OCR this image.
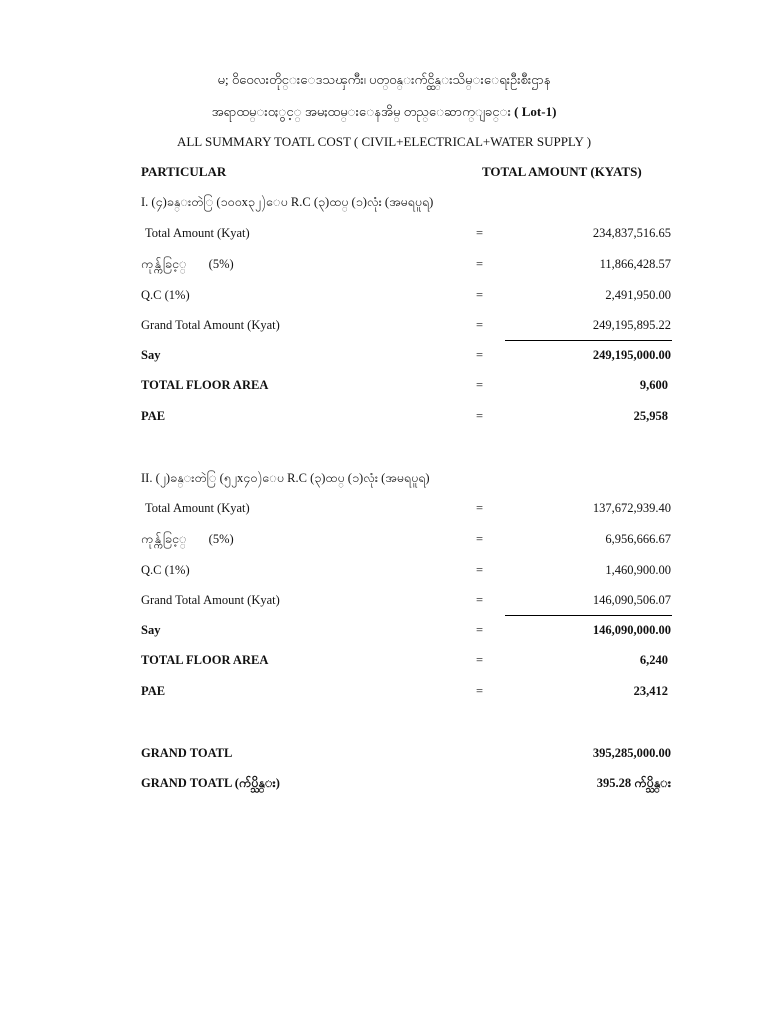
မ; ဝိဝေလးတိုင္းေဒသၾကီး၊ ပတ္ဝန္းက်င္ထိန္းသိမ္းေရးဦးစီးဌာန
အရာထမ္း၀ႏွင့္ အမႈထမ္းေနအိမ္ တည္ေဆာက္ျခင္း ( Lot-1)
ALL SUMMARY TOATL COST ( CIVIL+ELECTRICAL+WATER SUPPLY )
PARTICULAR	TOTAL AMOUNT (KYATS)
I. (၄)ခန္းတဲြ (၁၀၀x၃၂)ေပ R.C (၃)ထပ္ (၁)လုံး (အမရပူရ)
Total Amount (Kyat)	=	234,837,516.65
ကုန္က်ခြင့္ (5%)	=	11,866,428.57
Q.C (1%)	=	2,491,950.00
Grand Total Amount (Kyat)	=	249,195,895.22
Say	=	249,195,000.00
TOTAL FLOOR AREA	=	9,600
PAE	=	25,958
II. (၂)ခန္းတဲြ (၅၂x၄၀)ေပ R.C (၃)ထပ္ (၁)လုံး (အမရပူရ)
Total Amount (Kyat)	=	137,672,939.40
ကုန္က်ခြင့္ (5%)	=	6,956,666.67
Q.C (1%)	=	1,460,900.00
Grand Total Amount (Kyat)	=	146,090,506.07
Say	=	146,090,000.00
TOTAL FLOOR AREA	=	6,240
PAE	=	23,412
GRAND TOATL	395,285,000.00
GRAND TOATL (က်ပ္သိန္း)	395.28 က်ပ္သိန္း
